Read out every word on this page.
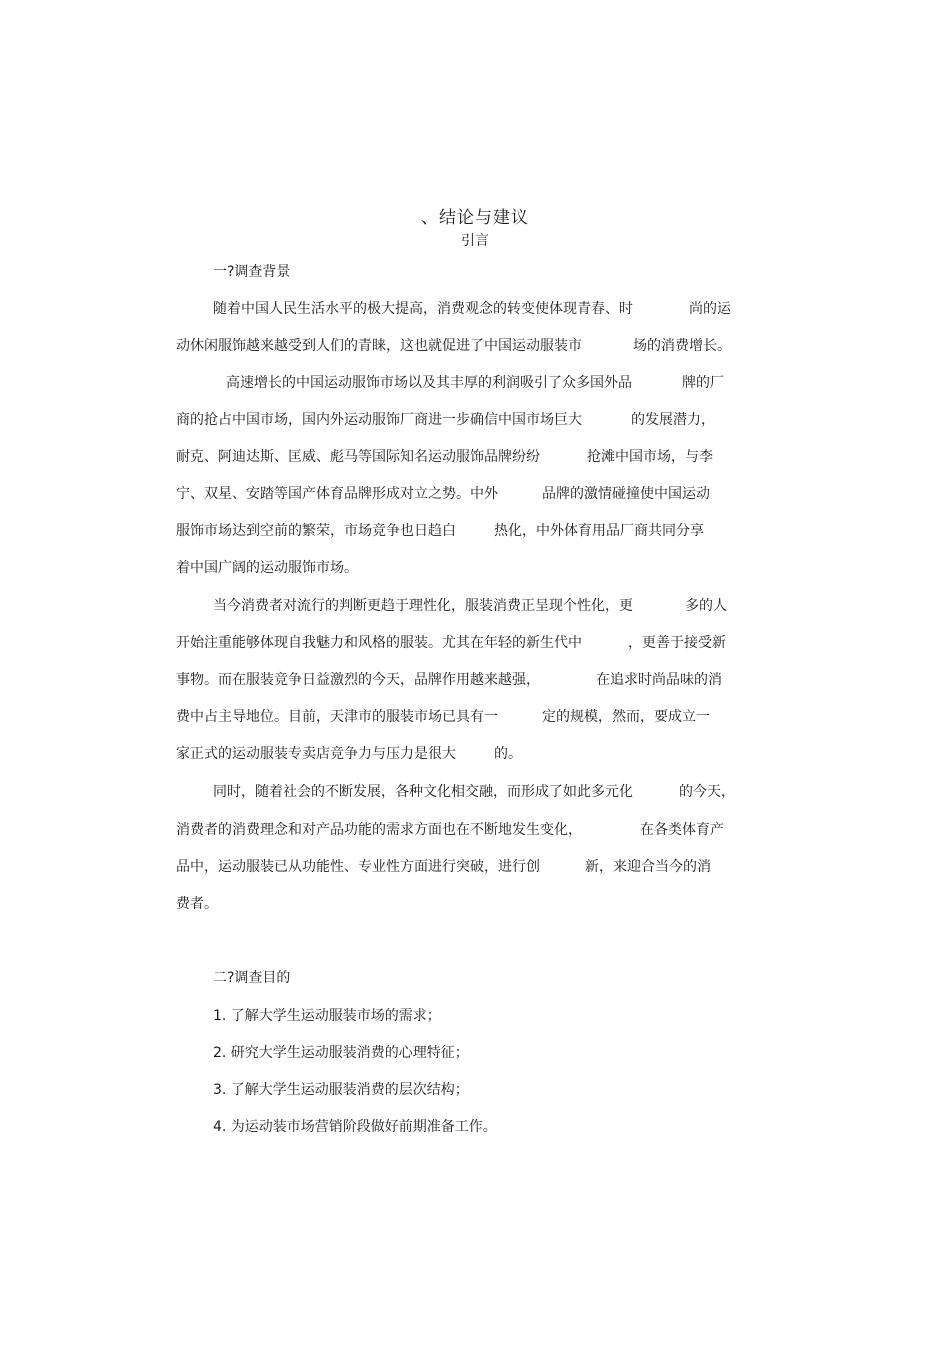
、结论与建议
引言
一?调查背景
随着中国人民生活水平的极大提高，消费观念的转变使体现青春、时	尚的运
动休闲服饰越来越受到人们的青睐，这也就促进了中国运动服装市	场的消费增长。
高速增长的中国运动服饰市场以及其丰厚的利润吸引了众多国外品	牌的厂
商的抢占中国市场，国内外运动服饰厂商进一步确信中国市场巨大	的发展潜力，
耐克、阿迪达斯、匡威、彪马等国际知名运动服饰品牌纷纷	抢滩中国市场，与李
宁、双星、安踏等国产体育品牌形成对立之势。中外	品牌的激情碰撞使中国运动
服饰市场达到空前的繁荣，市场竞争也日趋白	热化，中外体育用品厂商共同分享
着中国广阔的运动服饰市场。
当今消费者对流行的判断更趋于理性化，服装消费正呈现个性化，更	多的人
开始注重能够体现自我魅力和风格的服装。尤其在年轻的新生代中	，更善于接受新
事物。而在服装竞争日益激烈的今天，品牌作用越来越强，	在追求时尚品味的消
费中占主导地位。目前，天津市的服装市场已具有一	定的规模，然而，要成立一
家正式的运动服装专卖店竞争力与压力是很大	的。
同时，随着社会的不断发展，各种文化相交融，而形成了如此多元化	的今天，
消费者的消费理念和对产品功能的需求方面也在不断地发生变化，	在各类体育产
品中，运动服装已从功能性、专业性方面进行突破，进行创	新，来迎合当今的消
费者。
二?调查目的
1. 了解大学生运动服装市场的需求；
2. 研究大学生运动服装消费的心理特征；
3. 了解大学生运动服装消费的层次结构；
4. 为运动装市场营销阶段做好前期准备工作。
